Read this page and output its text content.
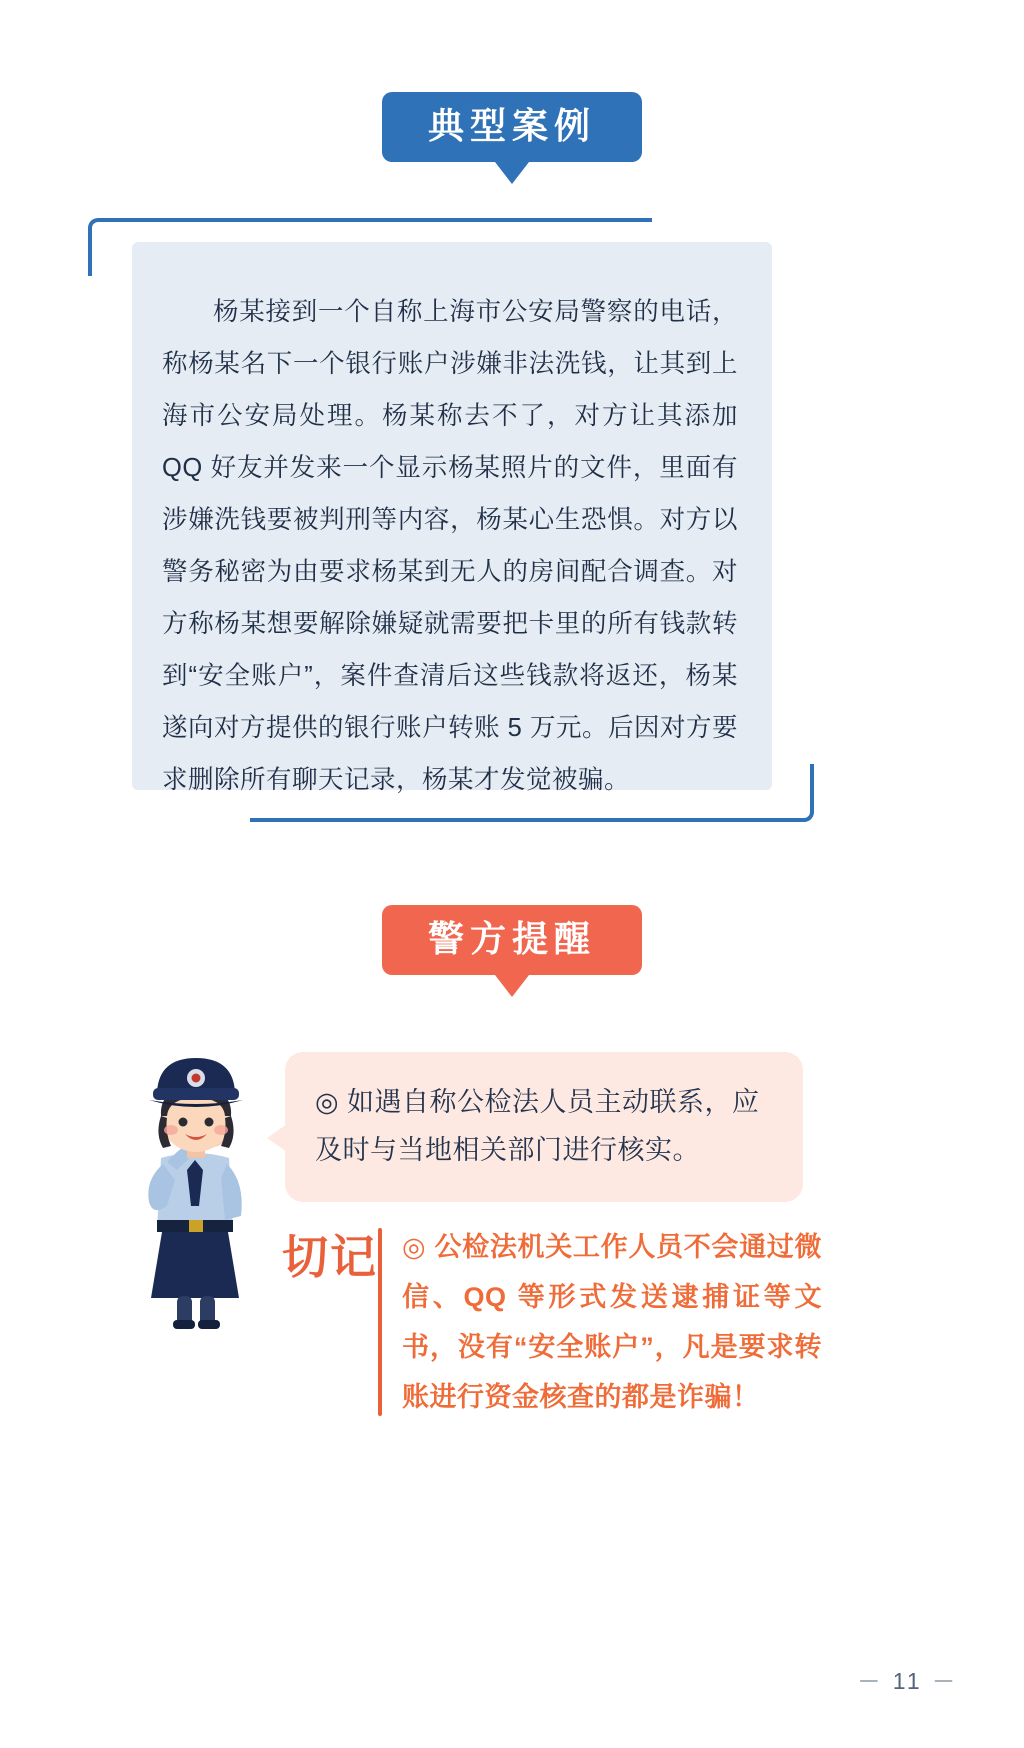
典型案例
杨某接到一个自称上海市公安局警察的电话，称杨某名下一个银行账户涉嫌非法洗钱，让其到上海市公安局处理。杨某称去不了，对方让其添加 QQ 好友并发来一个显示杨某照片的文件，里面有涉嫌洗钱要被判刑等内容，杨某心生恐惧。对方以警务秘密为由要求杨某到无人的房间配合调查。对方称杨某想要解除嫌疑就需要把卡里的所有钱款转到“安全账户”，案件查清后这些钱款将返还，杨某遂向对方提供的银行账户转账 5 万元。后因对方要求删除所有聊天记录，杨某才发觉被骗。
警方提醒
◎ 如遇自称公检法人员主动联系，应及时与当地相关部门进行核实。
切记 ◎ 公检法机关工作人员不会通过微信、QQ 等形式发送逮捕证等文书，没有“安全账户”，凡是要求转账进行资金核查的都是诈骗！
－ 11 －
